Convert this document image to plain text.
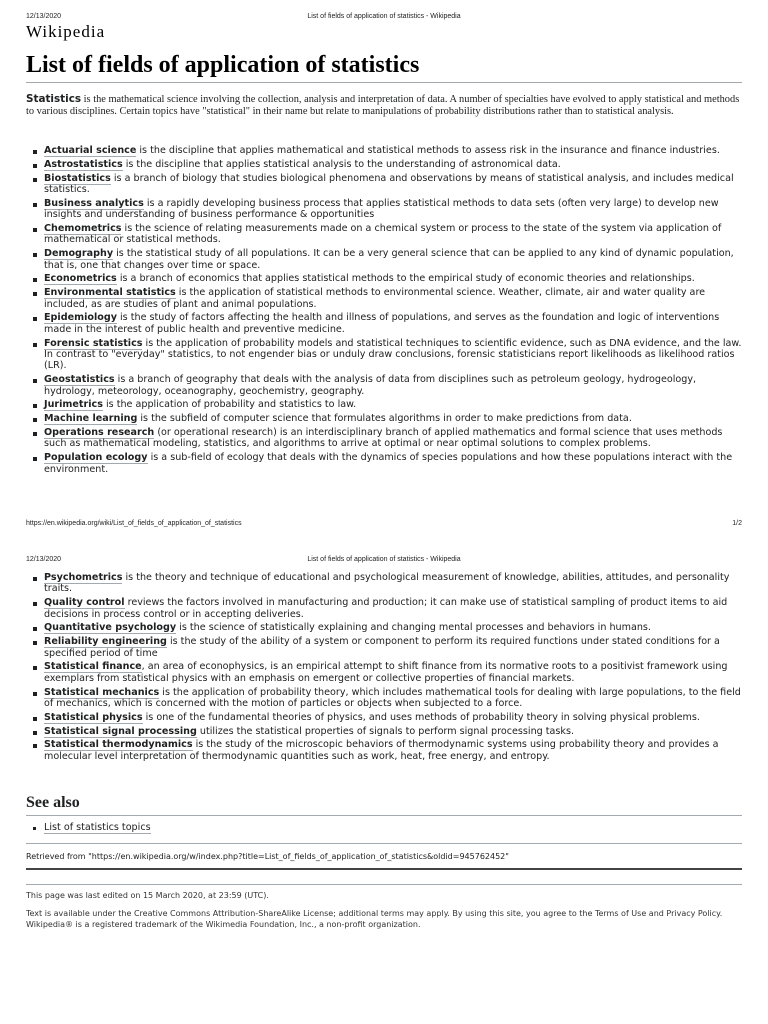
12/13/2020	List of fields of application of statistics - Wikipedia
Wikipedia
List of fields of application of statistics

Statistics is the mathematical science involving the collection, analysis and interpretation of data. A number of specialties have evolved to apply statistical and methods to various disciplines. Certain topics have "statistical" in their name but relate to manipulations of probability distributions rather than to statistical analysis.

Actuarial science is the discipline that applies mathematical and statistical methods to assess risk in the insurance and finance industries.
Astrostatistics is the discipline that applies statistical analysis to the understanding of astronomical data.
Biostatistics is a branch of biology that studies biological phenomena and observations by means of statistical analysis, and includes medical statistics.
Business analytics is a rapidly developing business process that applies statistical methods to data sets (often very large) to develop new insights and understanding of business performance & opportunities
Chemometrics is the science of relating measurements made on a chemical system or process to the state of the system via application of mathematical or statistical methods.
Demography is the statistical study of all populations. It can be a very general science that can be applied to any kind of dynamic population, that is, one that changes over time or space.
Econometrics is a branch of economics that applies statistical methods to the empirical study of economic theories and relationships.
Environmental statistics is the application of statistical methods to environmental science. Weather, climate, air and water quality are included, as are studies of plant and animal populations.
Epidemiology is the study of factors affecting the health and illness of populations, and serves as the foundation and logic of interventions made in the interest of public health and preventive medicine.
Forensic statistics is the application of probability models and statistical techniques to scientific evidence, such as DNA evidence, and the law. In contrast to "everyday" statistics, to not engender bias or unduly draw conclusions, forensic statisticians report likelihoods as likelihood ratios (LR).
Geostatistics is a branch of geography that deals with the analysis of data from disciplines such as petroleum geology, hydrogeology, hydrology, meteorology, oceanography, geochemistry, geography.
Jurimetrics is the application of probability and statistics to law.
Machine learning is the subfield of computer science that formulates algorithms in order to make predictions from data.
Operations research (or operational research) is an interdisciplinary branch of applied mathematics and formal science that uses methods such as mathematical modeling, statistics, and algorithms to arrive at optimal or near optimal solutions to complex problems.
Population ecology is a sub-field of ecology that deals with the dynamics of species populations and how these populations interact with the environment.
https://en.wikipedia.org/wiki/List_of_fields_of_application_of_statistics	1/2
12/13/2020	List of fields of application of statistics - Wikipedia
Psychometrics is the theory and technique of educational and psychological measurement of knowledge, abilities, attitudes, and personality traits.
Quality control reviews the factors involved in manufacturing and production; it can make use of statistical sampling of product items to aid decisions in process control or in accepting deliveries.
Quantitative psychology is the science of statistically explaining and changing mental processes and behaviors in humans.
Reliability engineering is the study of the ability of a system or component to perform its required functions under stated conditions for a specified period of time
Statistical finance, an area of econophysics, is an empirical attempt to shift finance from its normative roots to a positivist framework using exemplars from statistical physics with an emphasis on emergent or collective properties of financial markets.
Statistical mechanics is the application of probability theory, which includes mathematical tools for dealing with large populations, to the field of mechanics, which is concerned with the motion of particles or objects when subjected to a force.
Statistical physics is one of the fundamental theories of physics, and uses methods of probability theory in solving physical problems.
Statistical signal processing utilizes the statistical properties of signals to perform signal processing tasks.
Statistical thermodynamics is the study of the microscopic behaviors of thermodynamic systems using probability theory and provides a molecular level interpretation of thermodynamic quantities such as work, heat, free energy, and entropy.
See also
List of statistics topics
Retrieved from "https://en.wikipedia.org/w/index.php?title=List_of_fields_of_application_of_statistics&oldid=945762452"
This page was last edited on 15 March 2020, at 23:59 (UTC).
Text is available under the Creative Commons Attribution-ShareAlike License; additional terms may apply. By using this site, you agree to the Terms of Use and Privacy Policy. Wikipedia® is a registered trademark of the Wikimedia Foundation, Inc., a non-profit organization.
